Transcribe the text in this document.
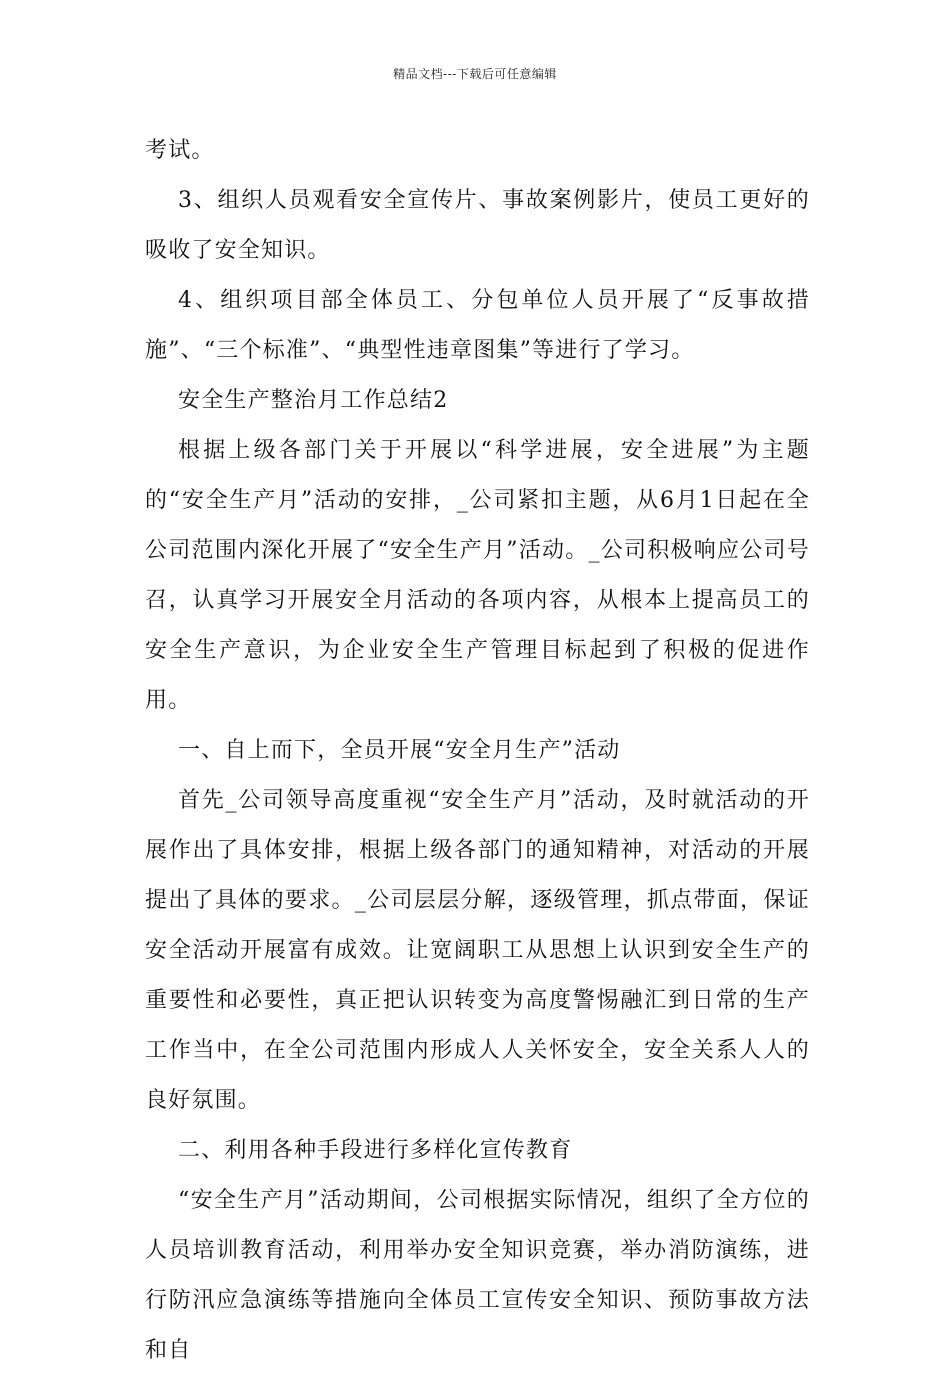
精品文档---下载后可任意编辑

考试。

3、组织人员观看安全宣传片、事故案例影片，使员工更好的吸收了安全知识。

4、组织项目部全体员工、分包单位人员开展了“反事故措施”、“三个标准”、“典型性违章图集”等进行了学习。

安全生产整治月工作总结2

根据上级各部门关于开展以“科学进展，安全进展”为主题的“安全生产月”活动的安排，_公司紧扣主题，从6月1日起在全公司范围内深化开展了“安全生产月”活动。_公司积极响应公司号召，认真学习开展安全月活动的各项内容，从根本上提高员工的安全生产意识，为企业安全生产管理目标起到了积极的促进作用。

一、自上而下，全员开展“安全月生产”活动

首先_公司领导高度重视“安全生产月”活动，及时就活动的开展作出了具体安排，根据上级各部门的通知精神，对活动的开展提出了具体的要求。_公司层层分解，逐级管理，抓点带面，保证安全活动开展富有成效。让宽阔职工从思想上认识到安全生产的重要性和必要性，真正把认识转变为高度警惕融汇到日常的生产工作当中，在全公司范围内形成人人关怀安全，安全关系人人的良好氛围。

二、利用各种手段进行多样化宣传教育

“安全生产月”活动期间，公司根据实际情况，组织了全方位的人员培训教育活动，利用举办安全知识竞赛，举办消防演练，进行防汛应急演练等措施向全体员工宣传安全知识、预防事故方法和自
